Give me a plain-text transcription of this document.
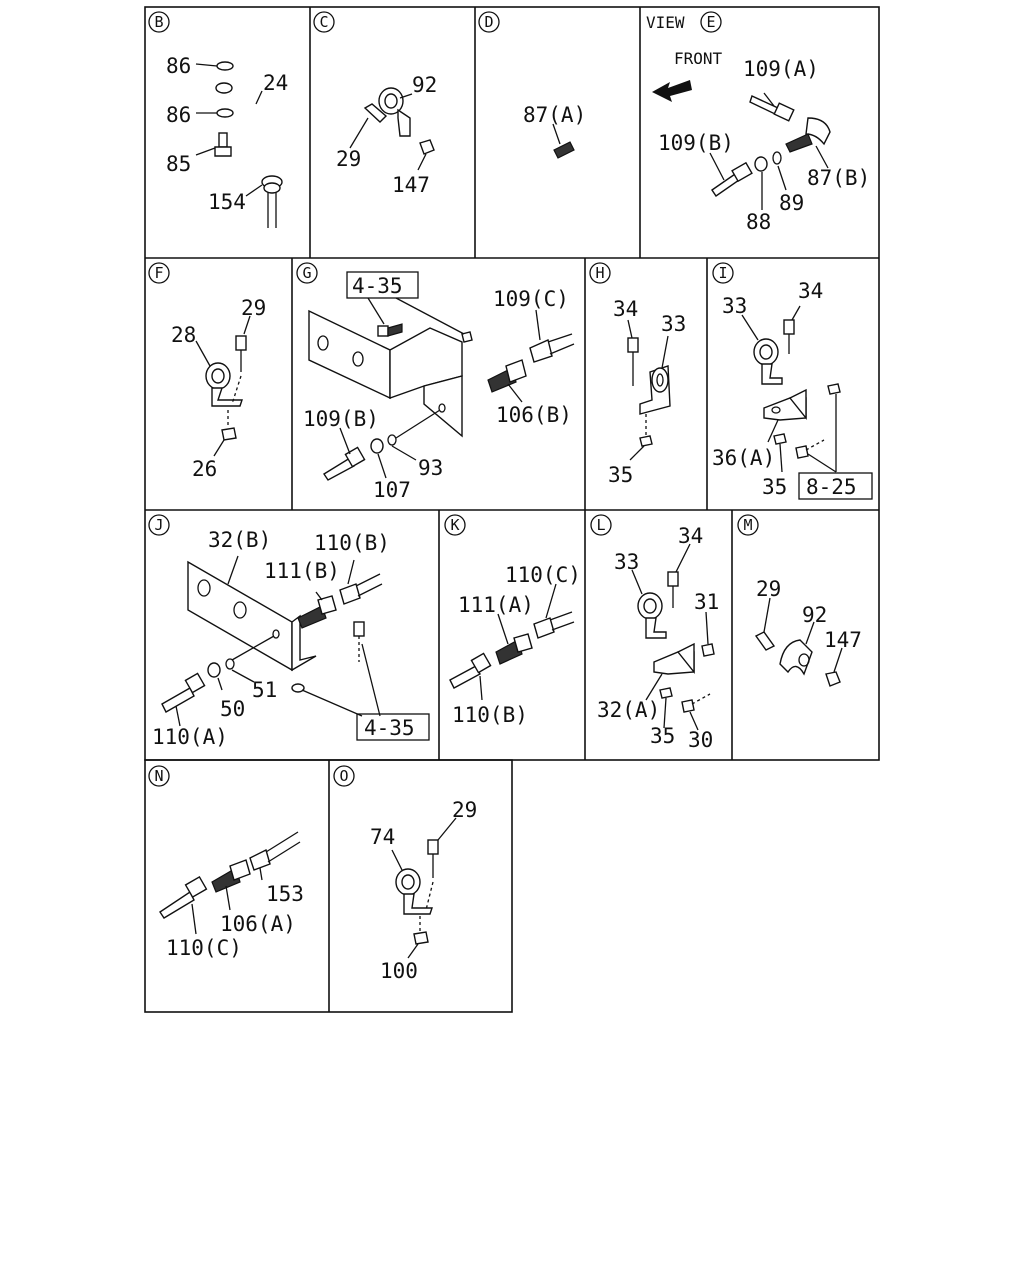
B
86
24
86
85
154
C
92
29
147
D
87(A)
VIEW E
FRONT 109(A)
109(B)
87(B)
88
89
F
29
28
26
G
4-35
109(C)
106(B)
109(B)
93
107
H
34
33
35
I
8-25
33
34
36(A)
35
J
4-35
32(B) 110(B)
111(B)
50
51
110(A)
K
110(C)
111(A)
110(B)
L	34
33
31
32(A)
35 30
M
29
92
147
N
153
106(A)
110(C)
O
29
74
100
